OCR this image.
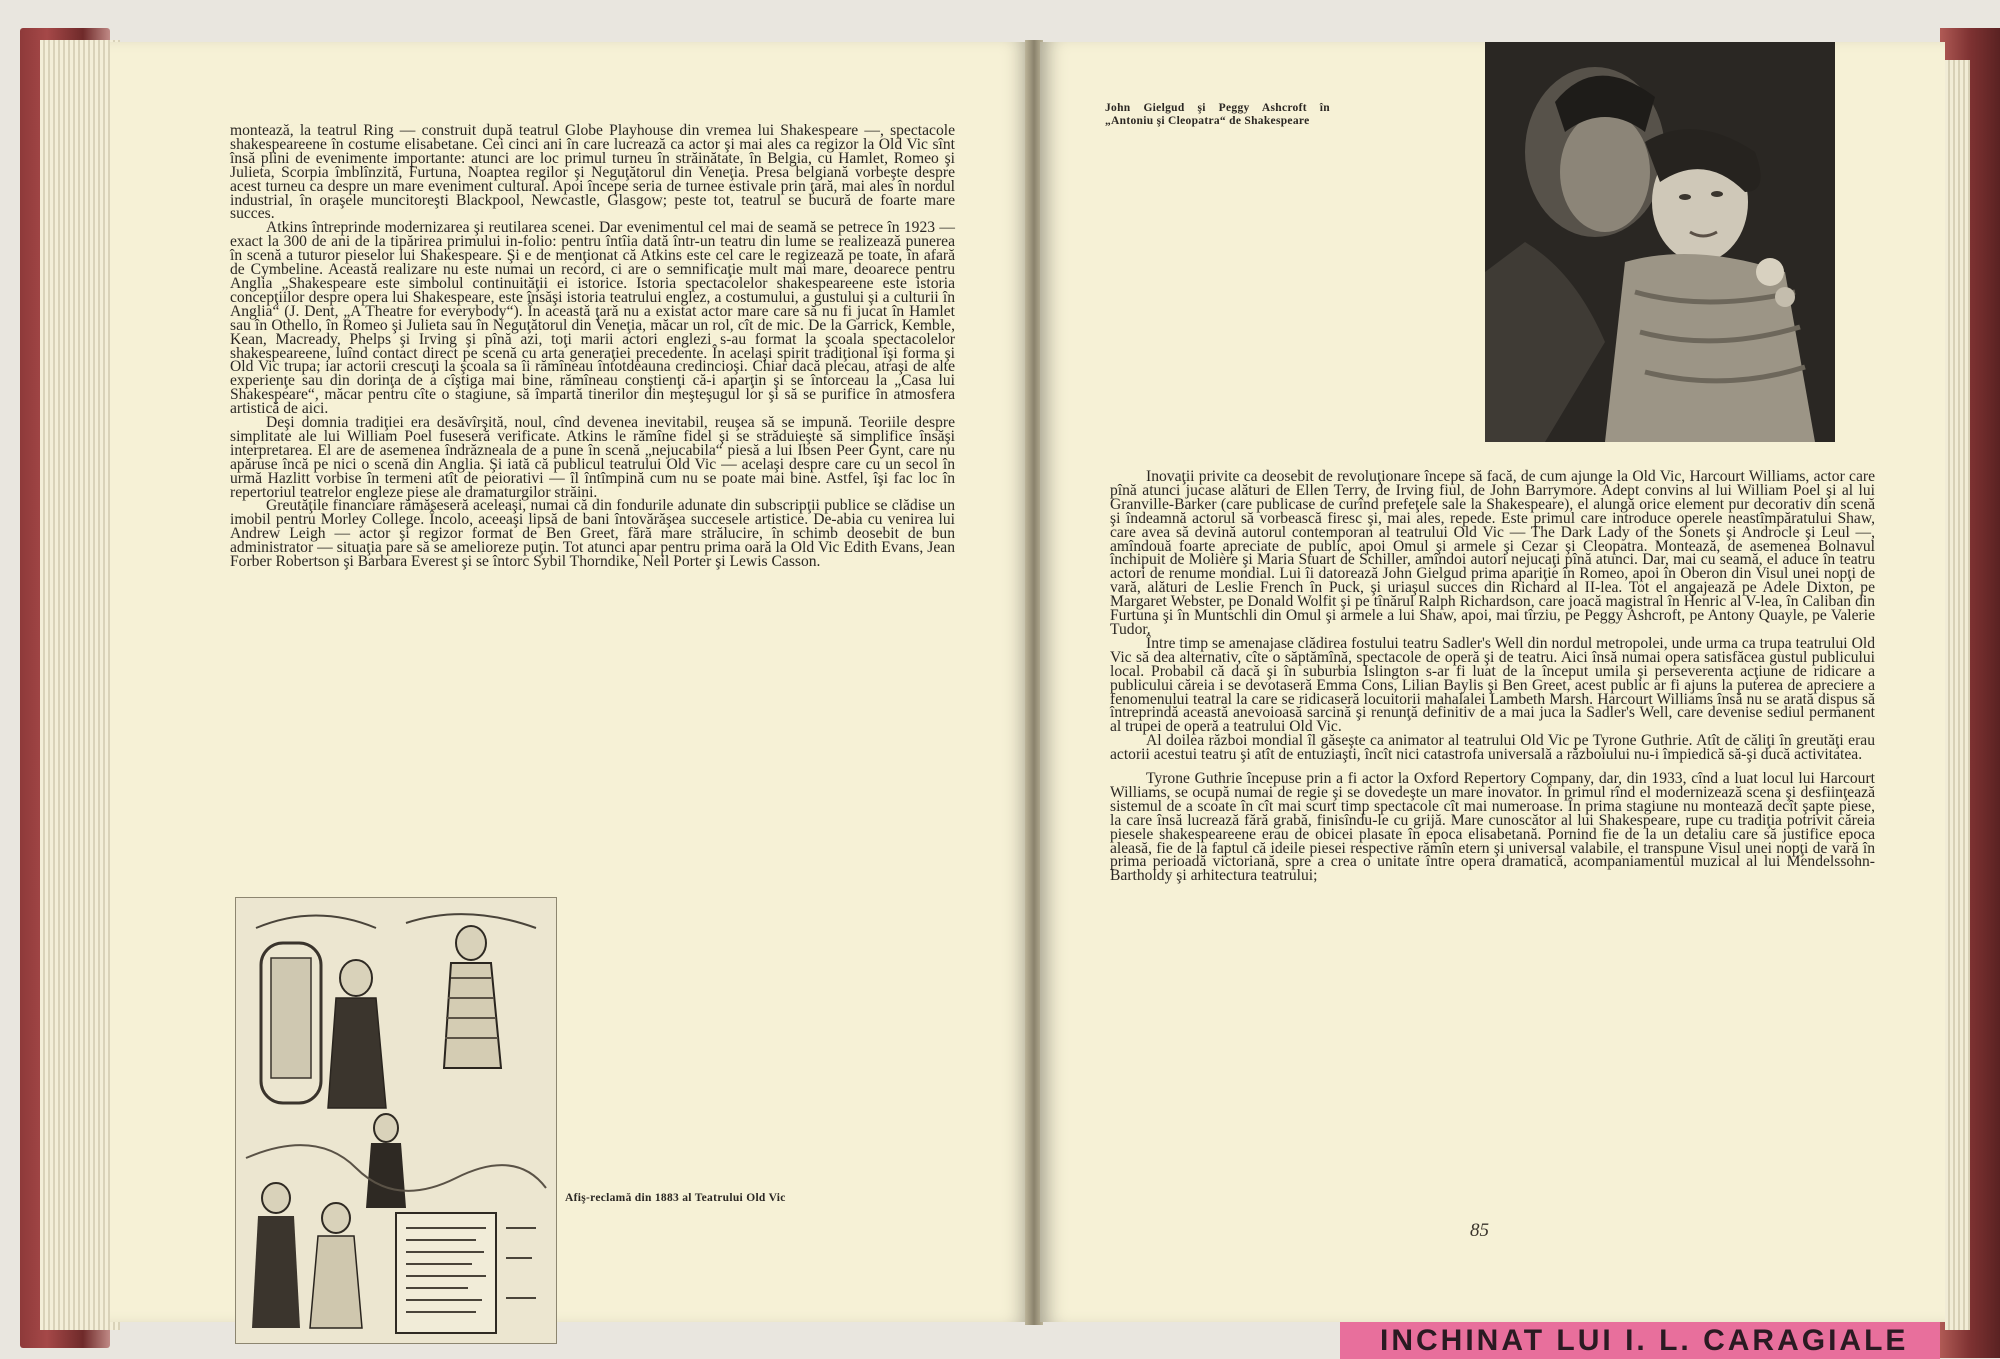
INCHINAT LUI I. L. CARAGIALE

montează, la teatrul Ring — construit după teatrul Globe Playhouse din vremea lui Shakespeare —, spectacole shakespeareene în costume elisabetane. Cei cinci ani în care lucrează ca actor şi mai ales ca regizor la Old Vic sînt însă plini de evenimente importante: atunci are loc primul turneu în străinătate, în Belgia, cu Hamlet, Romeo şi Julieta, Scorpia îmblînzită, Furtuna, Noaptea regilor şi Neguţătorul din Veneţia. Presa belgiană vorbeşte despre acest turneu ca despre un mare eveniment cultural. Apoi începe seria de turnee estivale prin ţară, mai ales în nordul industrial, în oraşele muncitoreşti Blackpool, Newcastle, Glasgow; peste tot, teatrul se bucură de foarte mare succes.

Atkins întreprinde modernizarea şi reutilarea scenei. Dar evenimentul cel mai de seamă se petrece în 1923 — exact la 300 de ani de la tipărirea primului in-folio: pentru întîia dată într-un teatru din lume se realizează punerea în scenă a tuturor pieselor lui Shakespeare. Şi e de menţionat că Atkins este cel care le regizează pe toate, în afară de Cymbeline. Această realizare nu este numai un record, ci are o semnificaţie mult mai mare, deoarece pentru Anglia „Shakespeare este simbolul continuităţii ei istorice. Istoria spectacolelor shakespeareene este istoria concepţiilor despre opera lui Shakespeare, este însăşi istoria teatrului englez, a costumului, a gustului şi a culturii în Anglia“ (J. Dent, „A Theatre for everybody“). În această ţară nu a existat actor mare care să nu fi jucat în Hamlet sau în Othello, în Romeo şi Julieta sau în Neguţătorul din Veneţia, măcar un rol, cît de mic. De la Garrick, Kemble, Kean, Macready, Phelps şi Irving şi pînă azi, toţi marii actori englezi s-au format la şcoala spectacolelor shakespeareene, luînd contact direct pe scenă cu arta generaţiei precedente. În acelaşi spirit tradiţional îşi forma şi Old Vic trupa; iar actorii crescuţi la şcoala sa îi rămîneau întotdeauna credincioşi. Chiar dacă plecau, atraşi de alte experienţe sau din dorinţa de a cîştiga mai bine, rămîneau conştienţi că-i aparţin şi se întorceau la „Casa lui Shakespeare“, măcar pentru cîte o stagiune, să împartă tinerilor din meşteşugul lor şi să se purifice în atmosfera artistică de aici.

Deşi domnia tradiţiei era desăvîrşită, noul, cînd devenea inevitabil, reuşea să se impună. Teoriile despre simplitate ale lui William Poel fuseseră verificate. Atkins le rămîne fidel şi se străduieşte să simplifice însăşi interpretarea. El are de asemenea îndrăzneala de a pune în scenă „nejucabila“ piesă a lui Ibsen Peer Gynt, care nu apăruse încă pe nici o scenă din Anglia. Şi iată că publicul teatrului Old Vic — acelaşi despre care cu un secol în urmă Hazlitt vorbise în termeni atît de peiorativi — îl întîmpină cum nu se poate mai bine. Astfel, îşi fac loc în repertoriul teatrelor engleze piese ale dramaturgilor străini.

Greutăţile financiare rămăseseră aceleaşi, numai că din fondurile adunate din subscripţii publice se clădise un imobil pentru Morley College. Încolo, aceeaşi lipsă de bani întovărăşea succesele artistice. De-abia cu venirea lui Andrew Leigh — actor şi regizor format de Ben Greet, fără mare strălucire, în schimb deosebit de bun administrator — situaţia pare să se amelioreze puţin. Tot atunci apar pentru prima oară la Old Vic Edith Evans, Jean Forber Robertson şi Barbara Everest şi se întorc Sybil Thorndike, Neil Porter şi Lewis Casson.

Afiş-reclamă din 1883 al Teatrului Old Vic
John Gielgud şi Peggy Ashcroft în „Antoniu şi Cleopatra“ de Shakespeare

Inovaţii privite ca deosebit de revoluţionare începe să facă, de cum ajunge la Old Vic, Harcourt Williams, actor care pînă atunci jucase alături de Ellen Terry, de Irving fiul, de John Barrymore. Adept convins al lui William Poel şi al lui Granville-Barker (care publicase de curînd prefeţele sale la Shakespeare), el alungă orice element pur decorativ din scenă şi îndeamnă actorul să vorbească firesc şi, mai ales, repede. Este primul care introduce operele neastîmpăratului Shaw, care avea să devină autorul contemporan al teatrului Old Vic — The Dark Lady of the Sonets şi Androcle şi Leul —, amîndouă foarte apreciate de public, apoi Omul şi armele şi Cezar şi Cleopatra. Montează, de asemenea Bolnavul închipuit de Molière şi Maria Stuart de Schiller, amîndoi autori nejucaţi pînă atunci. Dar, mai cu seamă, el aduce în teatru actori de renume mondial. Lui îi datorează John Gielgud prima apariţie în Romeo, apoi în Oberon din Visul unei nopţi de vară, alături de Leslie French în Puck, şi uriaşul succes din Richard al II-lea. Tot el angajează pe Adele Dixton, pe Margaret Webster, pe Donald Wolfit şi pe tînărul Ralph Richardson, care joacă magistral în Henric al V-lea, în Caliban din Furtuna şi în Muntschli din Omul şi armele a lui Shaw, apoi, mai tîrziu, pe Peggy Ashcroft, pe Antony Quayle, pe Valerie Tudor.

Între timp se amenajase clădirea fostului teatru Sadler's Well din nordul metropolei, unde urma ca trupa teatrului Old Vic să dea alternativ, cîte o săptămînă, spectacole de operă şi de teatru. Aici însă numai opera satisfăcea gustul publicului local. Probabil că dacă şi în suburbia Islington s-ar fi luat de la început umila şi perseverenta acţiune de ridicare a publicului căreia i se devotaseră Emma Cons, Lilian Baylis şi Ben Greet, acest public ar fi ajuns la puterea de apreciere a fenomenului teatral la care se ridicaseră locuitorii mahalalei Lambeth Marsh. Harcourt Williams însă nu se arată dispus să întreprindă această anevoioasă sarcină şi renunţă definitiv de a mai juca la Sadler's Well, care devenise sediul permanent al trupei de operă a teatrului Old Vic.

Al doilea război mondial îl găseşte ca animator al teatrului Old Vic pe Tyrone Guthrie. Atît de căliţi în greutăţi erau actorii acestui teatru şi atît de entuziaşti, încît nici catastrofa universală a războiului nu-i împiedică să-şi ducă activitatea.

Tyrone Guthrie începuse prin a fi actor la Oxford Repertory Company, dar, din 1933, cînd a luat locul lui Harcourt Williams, se ocupă numai de regie şi se dovedeşte un mare inovator. În primul rînd el modernizează scena şi desfiinţează sistemul de a scoate în cît mai scurt timp spectacole cît mai numeroase. În prima stagiune nu montează decît şapte piese, la care însă lucrează fără grabă, finisîndu-le cu grijă. Mare cunoscător al lui Shakespeare, rupe cu tradiţia potrivit căreia piesele shakespeareene erau de obicei plasate în epoca elisabetană. Pornind fie de la un detaliu care să justifice epoca aleasă, fie de la faptul că ideile piesei respective rămîn etern şi universal valabile, el transpune Visul unei nopţi de vară în prima perioadă victoriană, spre a crea o unitate între opera dramatică, acompaniamentul muzical al lui Mendelssohn-Bartholdy şi arhitectura teatrului;

85
